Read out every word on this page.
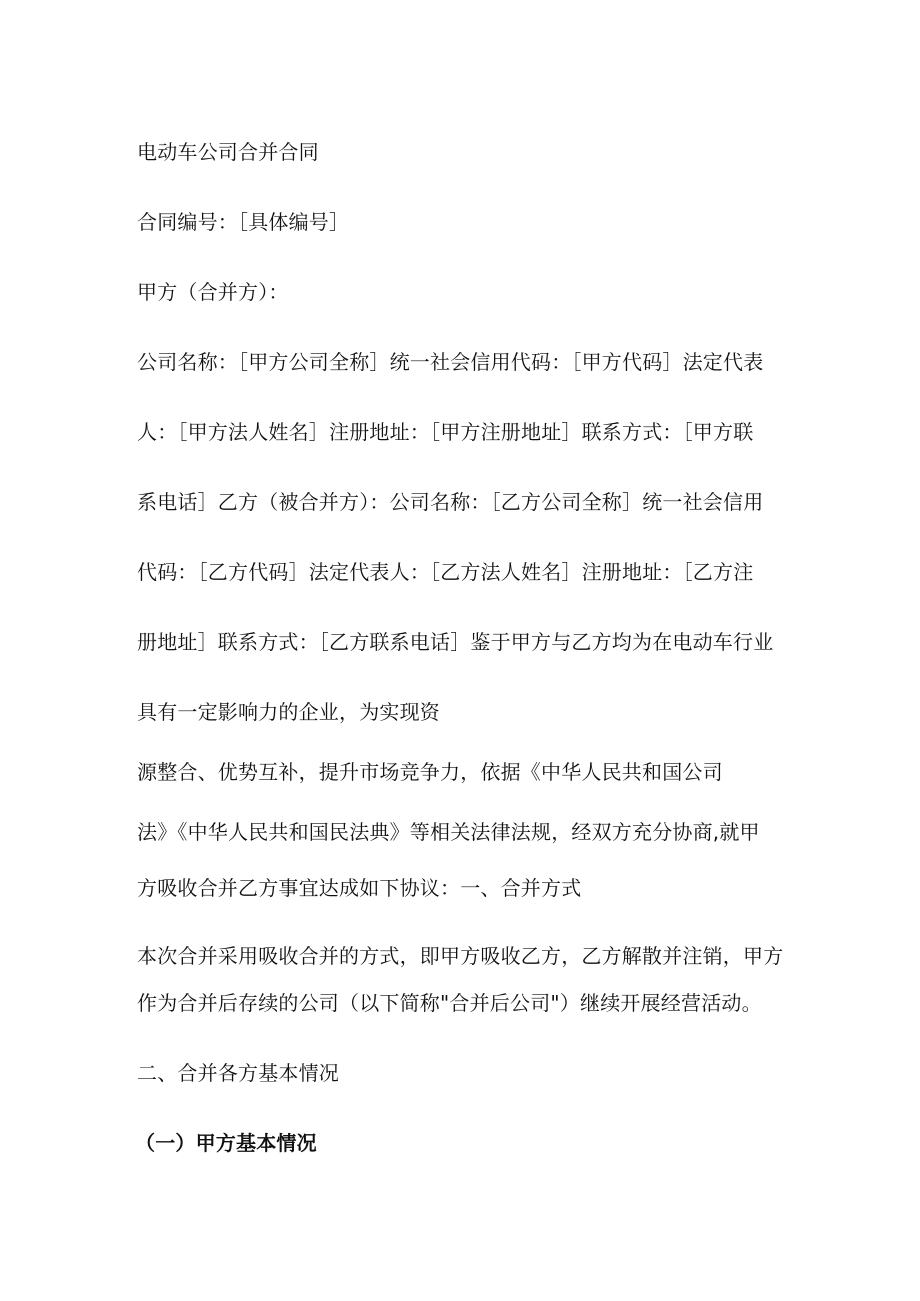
电动车公司合并合同

合同编号：［具体编号］

甲方（合并方）：

公司名称：［甲方公司全称］统一社会信用代码：［甲方代码］法定代表

人：［甲方法人姓名］注册地址：［甲方注册地址］联系方式：［甲方联

系电话］乙方（被合并方）：公司名称：［乙方公司全称］统一社会信用

代码：［乙方代码］法定代表人：［乙方法人姓名］注册地址：［乙方注

册地址］联系方式：［乙方联系电话］鉴于甲方与乙方均为在电动车行业

具有一定影响力的企业，为实现资

源整合、优势互补，提升市场竞争力，依据《中华人民共和国公司

法》《中华人民共和国民法典》等相关法律法规，经双方充分协商,就甲

方吸收合并乙方事宜达成如下协议：一、合并方式

本次合并采用吸收合并的方式，即甲方吸收乙方，乙方解散并注销，甲方

作为合并后存续的公司（以下简称"合并后公司"）继续开展经营活动。

二、合并各方基本情况

（一）甲方基本情况
